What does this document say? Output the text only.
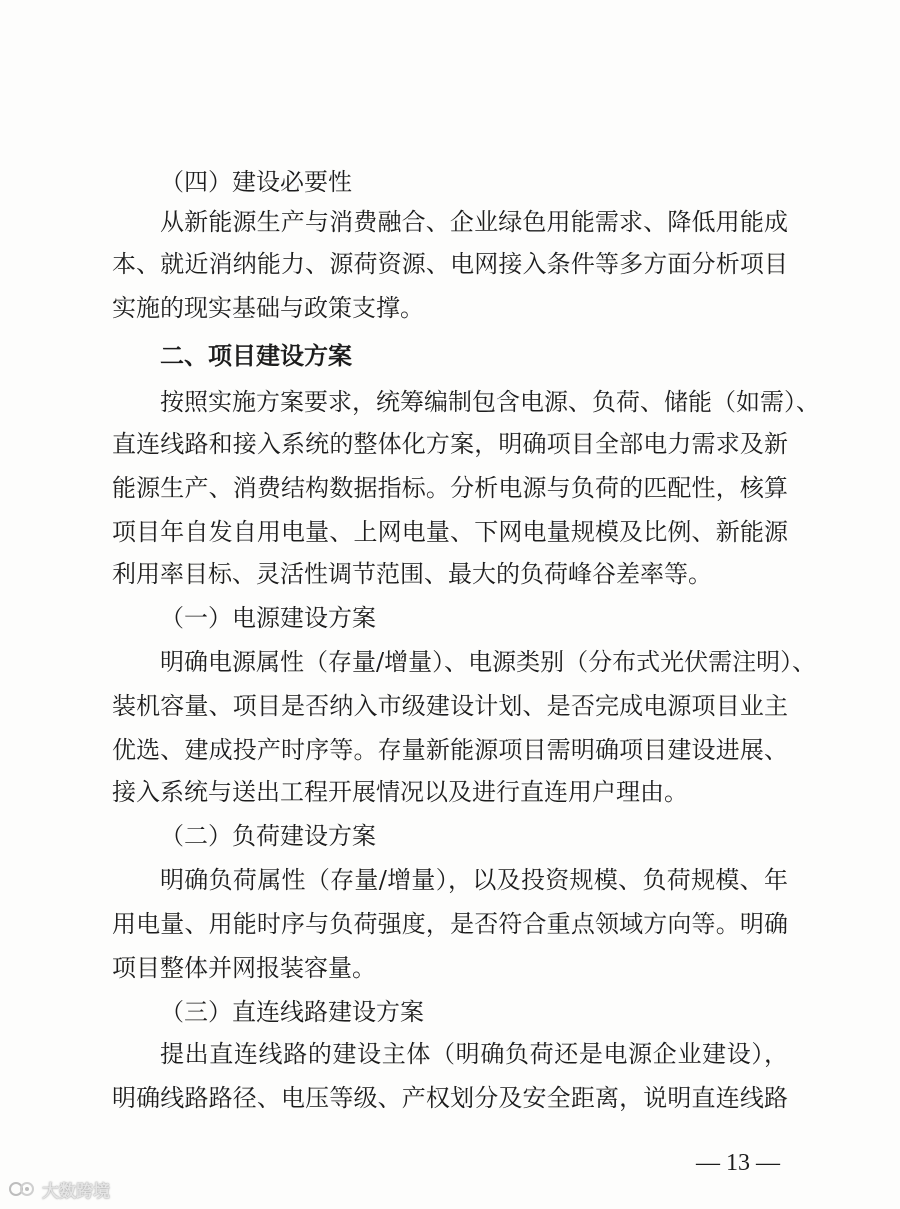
（四）建设必要性
从新能源生产与消费融合、企业绿色用能需求、降低用能成
本、就近消纳能力、源荷资源、电网接入条件等多方面分析项目
实施的现实基础与政策支撑。
二、项目建设方案
按照实施方案要求，统筹编制包含电源、负荷、储能（如需）、
直连线路和接入系统的整体化方案，明确项目全部电力需求及新
能源生产、消费结构数据指标。分析电源与负荷的匹配性，核算
项目年自发自用电量、上网电量、下网电量规模及比例、新能源
利用率目标、灵活性调节范围、最大的负荷峰谷差率等。
（一）电源建设方案
明确电源属性（存量/增量）、电源类别（分布式光伏需注明）、
装机容量、项目是否纳入市级建设计划、是否完成电源项目业主
优选、建成投产时序等。存量新能源项目需明确项目建设进展、
接入系统与送出工程开展情况以及进行直连用户理由。
（二）负荷建设方案
明确负荷属性（存量/增量），以及投资规模、负荷规模、年
用电量、用能时序与负荷强度，是否符合重点领域方向等。明确
项目整体并网报装容量。
（三）直连线路建设方案
提出直连线路的建设主体（明确负荷还是电源企业建设），
明确线路路径、电压等级、产权划分及安全距离，说明直连线路
— 13 —
大数跨境
